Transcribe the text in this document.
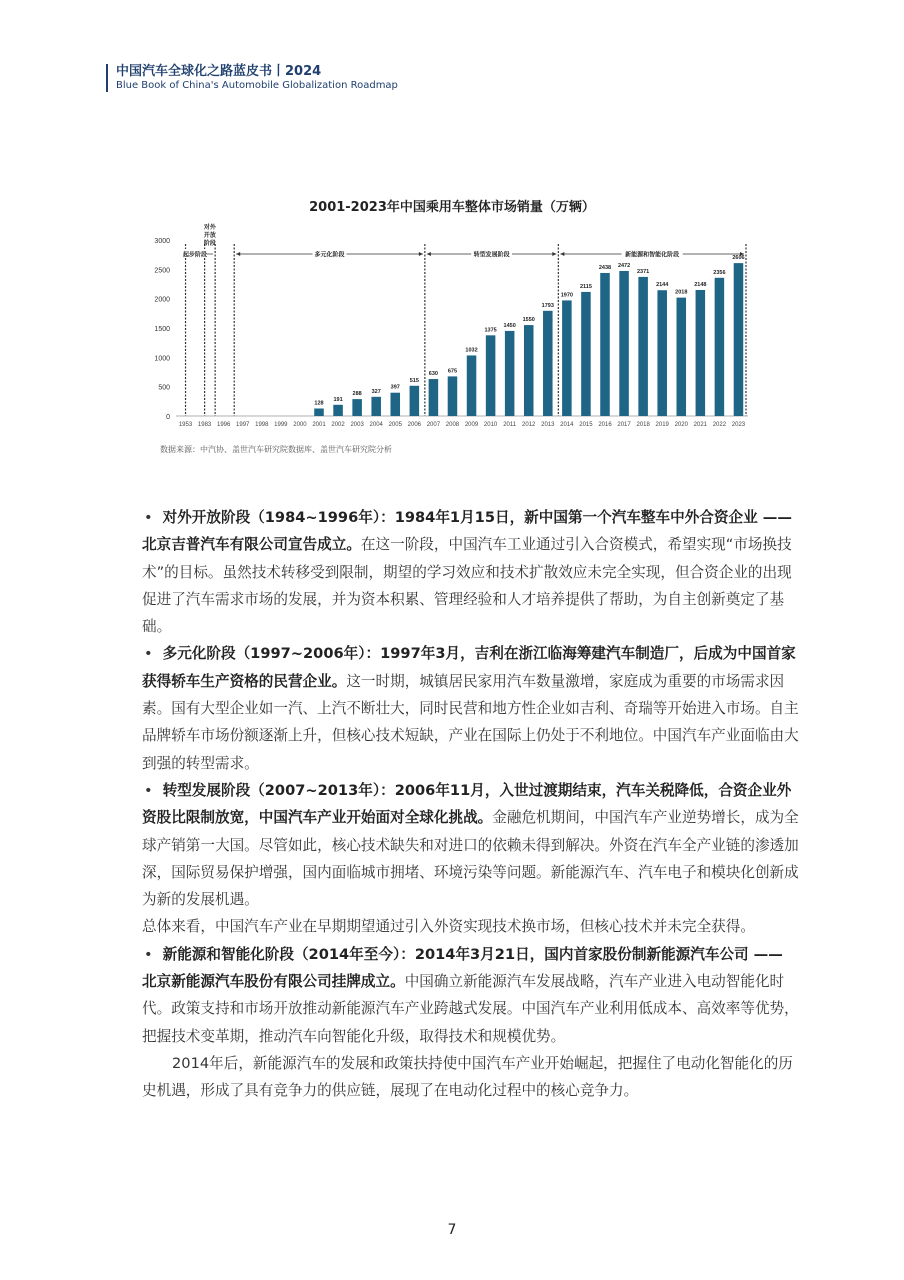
中国汽车全球化之路蓝皮书丨2024
Blue Book of China's Automobile Globalization Roadmap
2001-2023年中国乘用车整体市场销量（万辆）
0
500
1000
1500
2000
2500
3000
1953 1983 1996 1997 1998 1999 2000
128
2001
191
2002
288
2003
327
2004
397
2005
515
2006
630
2007
675
2008
1032
2009
1375
2010
1450
2011
1550
2012
1793
2013
1970
2014
2115
2015
2438
2016
2472
2017
2371
2018
2144
2019
2018
2020
2148
2021
2356
2022
2606
2023
起步阶段	多元化阶段	转型发展阶段	新能源和智能化阶段
对外
开放
阶段
数据来源：中汽协、盖世汽车研究院数据库、盖世汽车研究院分析

• 对外开放阶段（1984~1996年）：1984年1月15日，新中国第一个汽车整车中外合资企业 —— 北京吉普汽车有限公司宣告成立。在这一阶段，中国汽车工业通过引入合资模式，希望实现“市场换技术”的目标。虽然技术转移受到限制，期望的学习效应和技术扩散效应未完全实现，但合资企业的出现促进了汽车需求市场的发展，并为资本积累、管理经验和人才培养提供了帮助，为自主创新奠定了基础。

• 多元化阶段（1997~2006年）：1997年3月，吉利在浙江临海筹建汽车制造厂，后成为中国首家获得轿车生产资格的民营企业。这一时期，城镇居民家用汽车数量激增，家庭成为重要的市场需求因素。国有大型企业如一汽、上汽不断壮大，同时民营和地方性企业如吉利、奇瑞等开始进入市场。自主品牌轿车市场份额逐渐上升，但核心技术短缺，产业在国际上仍处于不利地位。中国汽车产业面临由大到强的转型需求。

• 转型发展阶段（2007~2013年）：2006年11月，入世过渡期结束，汽车关税降低，合资企业外资股比限制放宽，中国汽车产业开始面对全球化挑战。金融危机期间，中国汽车产业逆势增长，成为全球产销第一大国。尽管如此，核心技术缺失和对进口的依赖未得到解决。外资在汽车全产业链的渗透加深，国际贸易保护增强，国内面临城市拥堵、环境污染等问题。新能源汽车、汽车电子和模块化创新成为新的发展机遇。

总体来看，中国汽车产业在早期期望通过引入外资实现技术换市场，但核心技术并未完全获得。

• 新能源和智能化阶段（2014年至今）：2014年3月21日，国内首家股份制新能源汽车公司 —— 北京新能源汽车股份有限公司挂牌成立。中国确立新能源汽车发展战略，汽车产业进入电动智能化时代。政策支持和市场开放推动新能源汽车产业跨越式发展。中国汽车产业利用低成本、高效率等优势，把握技术变革期，推动汽车向智能化升级，取得技术和规模优势。

2014年后，新能源汽车的发展和政策扶持使中国汽车产业开始崛起，把握住了电动化智能化的历史机遇，形成了具有竞争力的供应链，展现了在电动化过程中的核心竞争力。

7
